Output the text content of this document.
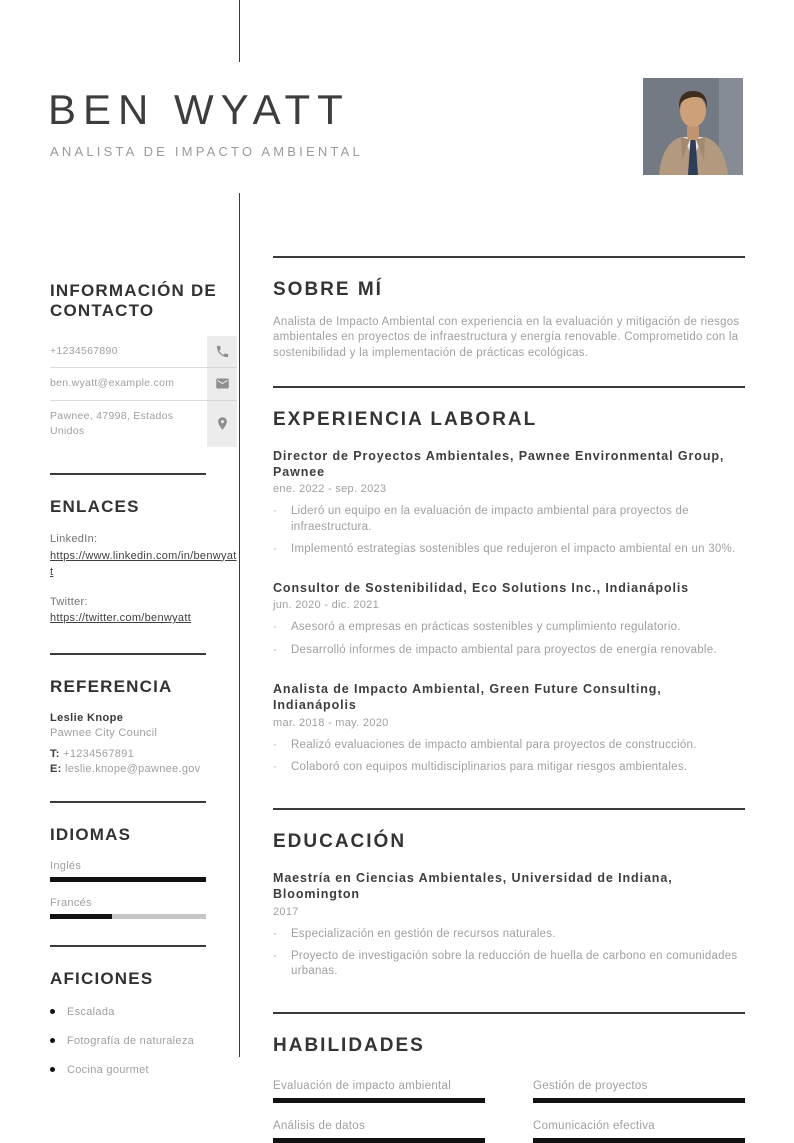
BEN WYATT
ANALISTA DE IMPACTO AMBIENTAL
INFORMACIÓN DE CONTACTO
+1234567890
ben.wyatt@example.com
Pawnee, 47998, Estados Unidos
ENLACES
LinkedIn:
https://www.linkedin.com/in/benwyatt
Twitter:
https://twitter.com/benwyatt
REFERENCIA
Leslie Knope
Pawnee City Council
T: +1234567891
E: leslie.knope@pawnee.gov
IDIOMAS
Inglés
Francés
AFICIONES
Escalada
Fotografía de naturaleza
Cocina gourmet
SOBRE MÍ
Analista de Impacto Ambiental con experiencia en la evaluación y mitigación de riesgos ambientales en proyectos de infraestructura y energía renovable. Comprometido con la sostenibilidad y la implementación de prácticas ecológicas.
EXPERIENCIA LABORAL
Director de Proyectos Ambientales, Pawnee Environmental Group, Pawnee
ene. 2022 - sep. 2023
·	Lideró un equipo en la evaluación de impacto ambiental para proyectos de infraestructura.
·	Implementó estrategias sostenibles que redujeron el impacto ambiental en un 30%.
Consultor de Sostenibilidad, Eco Solutions Inc., Indianápolis
jun. 2020 - dic. 2021
·	Asesoró a empresas en prácticas sostenibles y cumplimiento regulatorio.
·	Desarrolló informes de impacto ambiental para proyectos de energía renovable.
Analista de Impacto Ambiental, Green Future Consulting, Indianápolis
mar. 2018 - may. 2020
·	Realizó evaluaciones de impacto ambiental para proyectos de construcción.
·	Colaboró con equipos multidisciplinarios para mitigar riesgos ambientales.
EDUCACIÓN
Maestría en Ciencias Ambientales, Universidad de Indiana, Bloomington
2017
·	Especialización en gestión de recursos naturales.
·	Proyecto de investigación sobre la reducción de huella de carbono en comunidades urbanas.
HABILIDADES
Evaluación de impacto ambiental	Gestión de proyectos
Análisis de datos	Comunicación efectiva
